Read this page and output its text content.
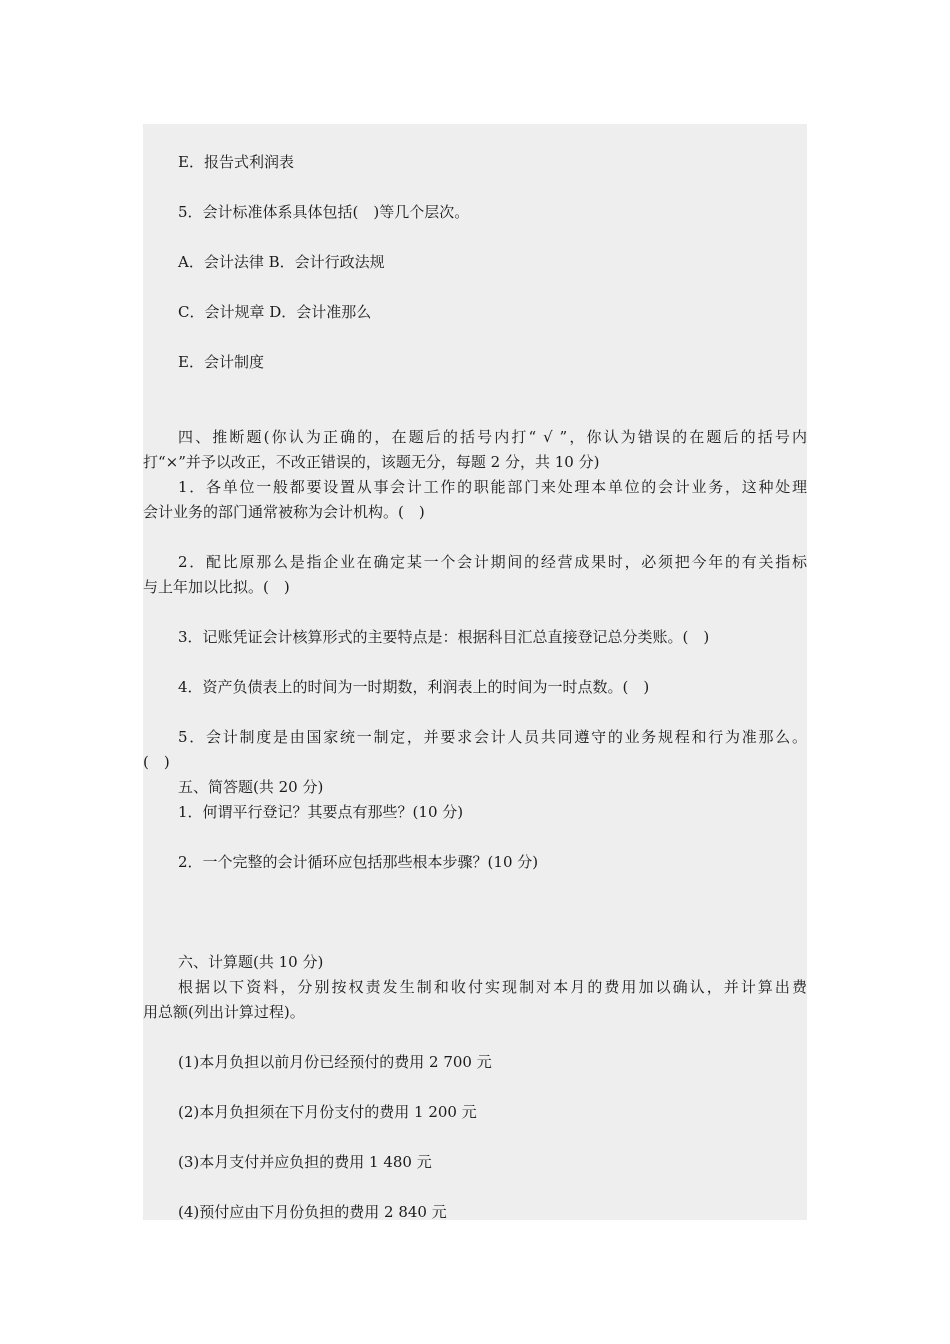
E．报告式利润表
5．会计标准体系具体包括(　)等几个层次。
A．会计法律 B．会计行政法规
C．会计规章 D．会计准那么
E．会计制度
四、推断题(你认为正确的，在题后的括号内打“ √ ”，你认为错误的在题后的括号内
打“×”并予以改正，不改正错误的，该题无分，每题 2 分，共 10 分)
1．各单位一般都要设置从事会计工作的职能部门来处理本单位的会计业务，这种处理
会计业务的部门通常被称为会计机构。(　)
2．配比原那么是指企业在确定某一个会计期间的经营成果时，必须把今年的有关指标
与上年加以比拟。(　)
3．记账凭证会计核算形式的主要特点是：根据科目汇总直接登记总分类账。(　)
4．资产负债表上的时间为一时期数，利润表上的时间为一时点数。(　)
5．会计制度是由国家统一制定，并要求会计人员共同遵守的业务规程和行为准那么。
(　)
五、简答题(共 20 分)
1．何谓平行登记？其要点有那些？(10 分)
2．一个完整的会计循环应包括那些根本步骤？(10 分)
六、计算题(共 10 分)
根据以下资料，分别按权责发生制和收付实现制对本月的费用加以确认，并计算出费
用总额(列出计算过程)。
(1)本月负担以前月份已经预付的费用 2 700 元
(2)本月负担须在下月份支付的费用 1 200 元
(3)本月支付并应负担的费用 1 480 元
(4)预付应由下月份负担的费用 2 840 元
